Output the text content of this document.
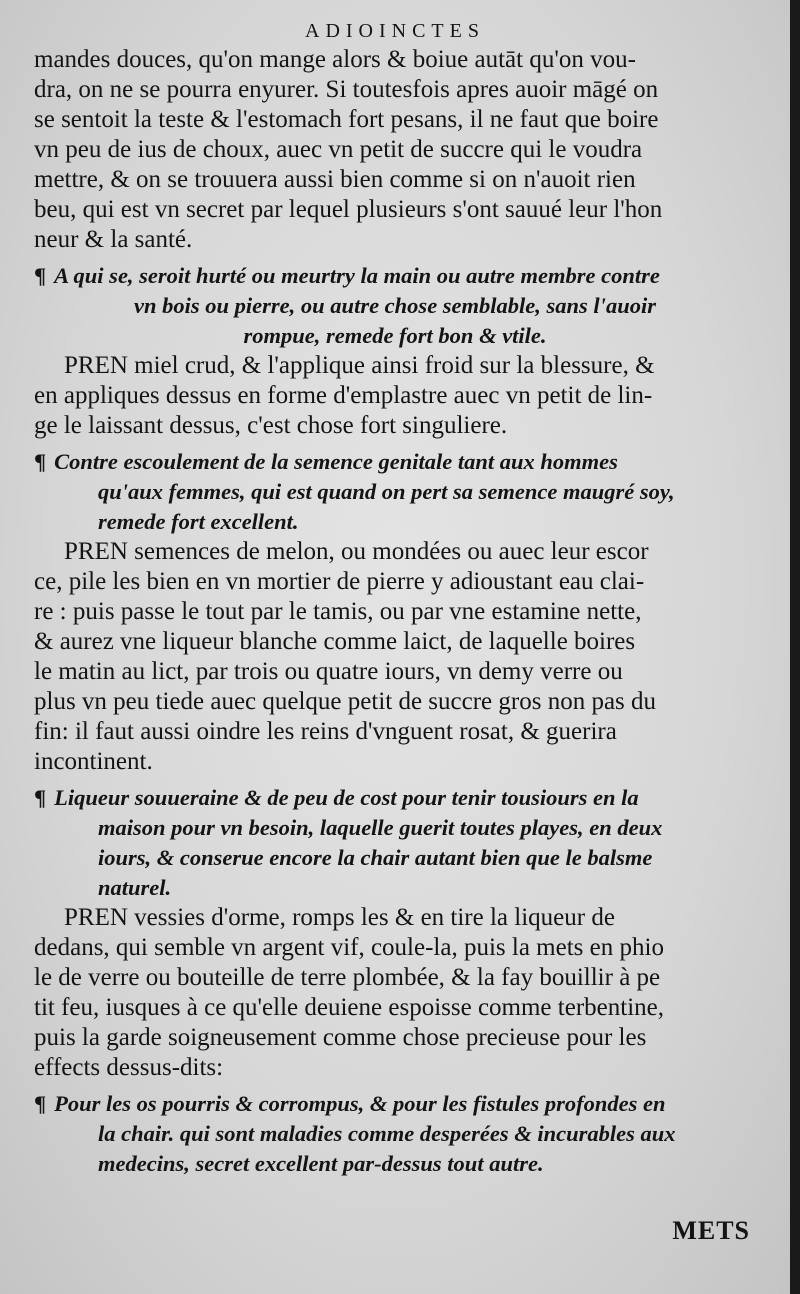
ADIOINCTES
mandes douces, qu'on mange alors & boiue autāt qu'on vou-
dra, on ne se pourra enyurer. Si toutesfois apres auoir māgé on
se sentoit la teste & l'estomach fort pesans, il ne faut que boire
vn peu de ius de choux, auec vn petit de succre qui le voudra
mettre, & on se trouuera aussi bien comme si on n'auoit rien
beu, qui est vn secret par lequel plusieurs s'ont sauué leur l'hon
neur & la santé.
¶ A qui se, seroit hurté ou meurtry la main ou autre membre contre
vn bois ou pierre, ou autre chose semblable, sans l'auoir
rompue, remede fort bon & vtile.
PREN miel crud, & l'applique ainsi froid sur la blessure, &
en appliques dessus en forme d'emplastre auec vn petit de lin-
ge le laissant dessus, c'est chose fort singuliere.
¶ Contre escoulement de la semence genitale tant aux hommes
qu'aux femmes, qui est quand on pert sa semence maugré soy,
remede fort excellent.
PREN semences de melon, ou mondées ou auec leur escor
ce, pile les bien en vn mortier de pierre y adioustant eau clai-
re : puis passe le tout par le tamis, ou par vne estamine nette,
& aurez vne liqueur blanche comme laict, de laquelle boires
le matin au lict, par trois ou quatre iours, vn demy verre ou
plus vn peu tiede auec quelque petit de succre gros non pas du
fin: il faut aussi oindre les reins d'vnguent rosat, & guerira
incontinent.
¶ Liqueur souueraine & de peu de cost pour tenir tousiours en la
maison pour vn besoin, laquelle guerit toutes playes, en deux
iours, & conserue encore la chair autant bien que le balsme
naturel.
PREN vessies d'orme, romps les & en tire la liqueur de
dedans, qui semble vn argent vif, coule-la, puis la mets en phio
le de verre ou bouteille de terre plombée, & la fay bouillir à pe
tit feu, iusques à ce qu'elle deuiene espoisse comme terbentine,
puis la garde soigneusement comme chose precieuse pour les
effects dessus-dits:
¶ Pour les os pourris & corrompus, & pour les fistules profondes en
la chair. qui sont maladies comme desperées & incurables aux
medecins, secret excellent par-dessus tout autre.
METS
